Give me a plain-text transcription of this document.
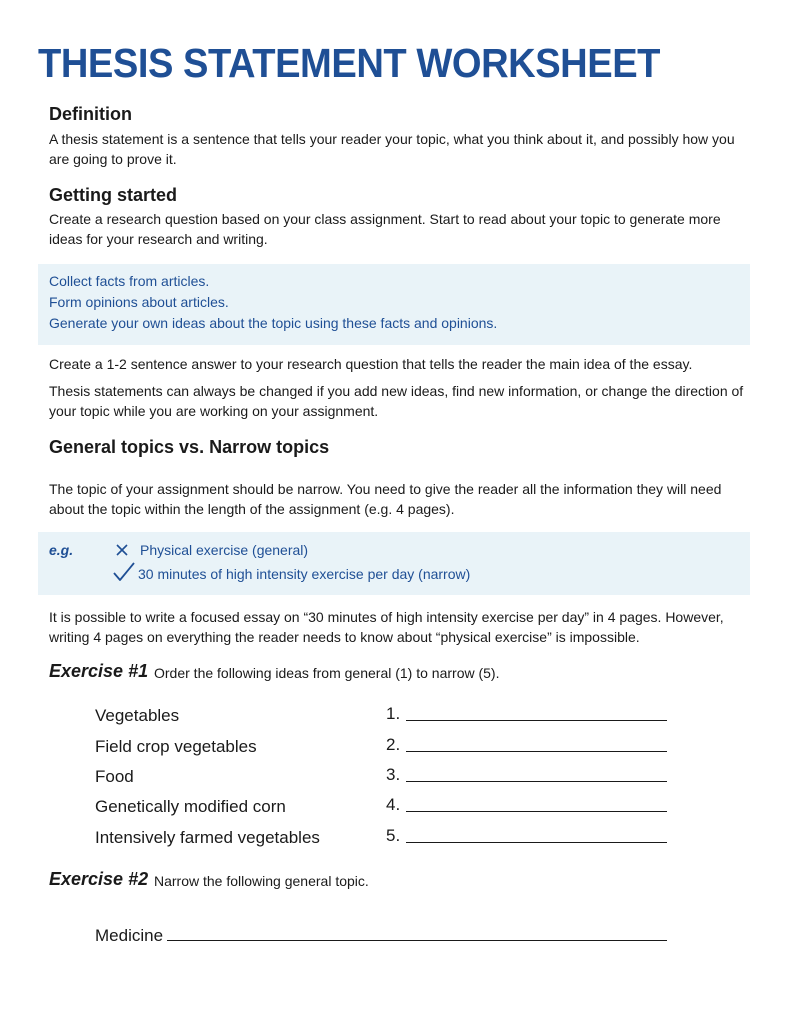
THESIS STATEMENT WORKSHEET
Definition
A thesis statement is a sentence that tells your reader your topic, what you think about it, and possibly how you are going to prove it.
Getting started
Create a research question based on your class assignment. Start to read about your topic to generate more ideas for your research and writing.
Collect facts from articles.
Form opinions about articles.
Generate your own ideas about the topic using these facts and opinions.
Create a 1-2 sentence answer to your research question that tells the reader the main idea of the essay.
Thesis statements can always be changed if you add new ideas, find new information, or change the direction of your topic while you are working on your assignment.
General topics vs. Narrow topics
The topic of your assignment should be narrow. You need to give the reader all the information they will need about the topic within the length of the assignment (e.g. 4 pages).
e.g.	Physical exercise (general)
30 minutes of high intensity exercise per day (narrow)
It is possible to write a focused essay on “30 minutes of high intensity exercise per day” in 4 pages. However, writing 4 pages on everything the reader needs to know about “physical exercise” is impossible.
Exercise #1 Order the following ideas from general (1) to narrow (5).
Vegetables
Field crop vegetables
Food
Genetically modified corn
Intensively farmed vegetables
1.
2.
3.
4.
5.
Exercise #2 Narrow the following general topic.
Medicine
